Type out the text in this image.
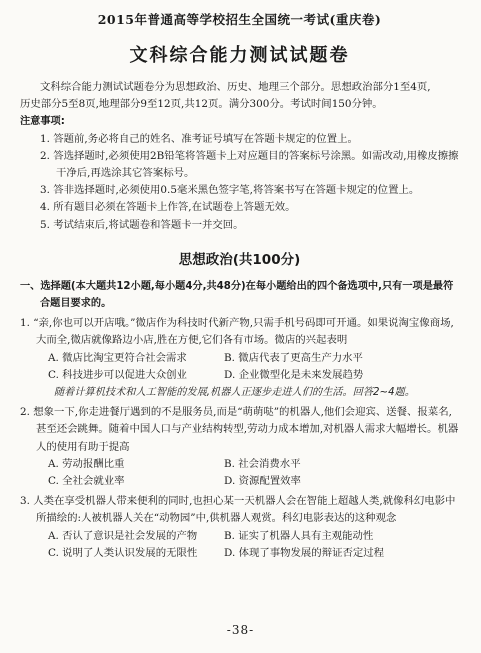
2015年普通高等学校招生全国统一考试(重庆卷)
文科综合能力测试试题卷

文科综合能力测试试题卷分为思想政治、历史、地理三个部分。思想政治部分1至4页,

历史部分5至8页,地理部分9至12页,共12页。满分300分。考试时间150分钟。

注意事项:

1. 答题前,务必将自己的姓名、准考证号填写在答题卡规定的位置上。

2. 答选择题时,必须使用2B铅笔将答题卡上对应题目的答案标号涂黑。如需改动,用橡皮擦擦干净后,再选涂其它答案标号。

3. 答非选择题时,必须使用0.5毫米黑色签字笔,将答案书写在答题卡规定的位置上。

4. 所有题目必须在答题卡上作答,在试题卷上答题无效。

5. 考试结束后,将试题卷和答题卡一并交回。

思想政治(共100分)

一、选择题(本大题共12小题,每小题4分,共48分)在每小题给出的四个备选项中,只有一项是最符合题目要求的。

1. “亲,你也可以开店哦。”微店作为科技时代新产物,只需手机号码即可开通。如果说淘宝像商场,大而全,微店就像路边小店,胜在方便,它们各有市场。微店的兴起表明

A. 微店比淘宝更符合社会需求	B. 微店代表了更高生产力水平
C. 科技进步可以促进大众创业	D. 企业微型化是未来发展趋势
随着计算机技术和人工智能的发展,机器人正逐步走进人们的生活。回答2~4题。

2. 想象一下,你走进餐厅遇到的不是服务员,而是“萌萌哒”的机器人,他们会迎宾、送餐、报菜名,甚至还会跳舞。随着中国人口与产业结构转型,劳动力成本增加,对机器人需求大幅增长。机器人的使用有助于提高

A. 劳动报酬比重	B. 社会消费水平
C. 全社会就业率	D. 资源配置效率

3. 人类在享受机器人带来便利的同时,也担心某一天机器人会在智能上超越人类,就像科幻电影中所描绘的:人被机器人关在“动物园”中,供机器人观赏。科幻电影表达的这种观念

A. 否认了意识是社会发展的产物	B. 证实了机器人具有主观能动性
C. 说明了人类认识发展的无限性	D. 体现了事物发展的辩证否定过程
-38-
